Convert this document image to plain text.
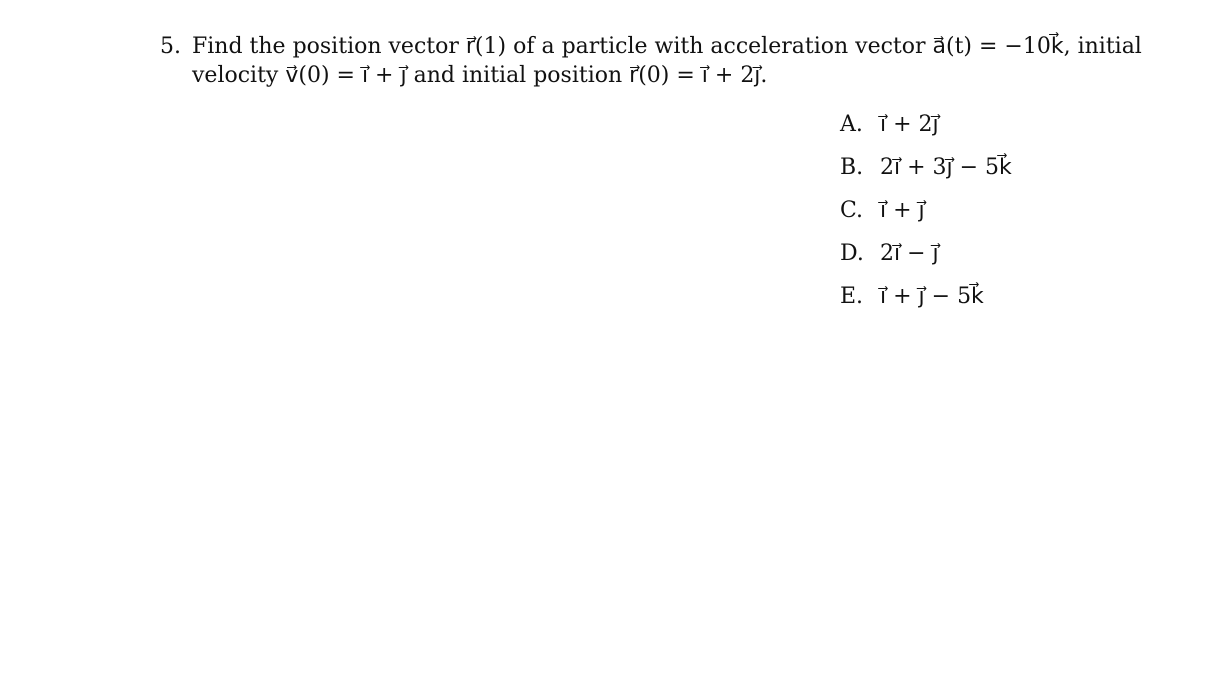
5. Find the position vector r⃗(1) of a particle with acceleration vector a⃗(t) = −10k⃗, initial
velocity v⃗(0) = i⃗ + j⃗ and initial position r⃗(0) = i⃗ + 2j⃗.
A. i⃗ + 2j⃗
B. 2i⃗ + 3j⃗ − 5k⃗
C. i⃗ + j⃗
D. 2i⃗ − j⃗
E. i⃗ + j⃗ − 5k⃗
